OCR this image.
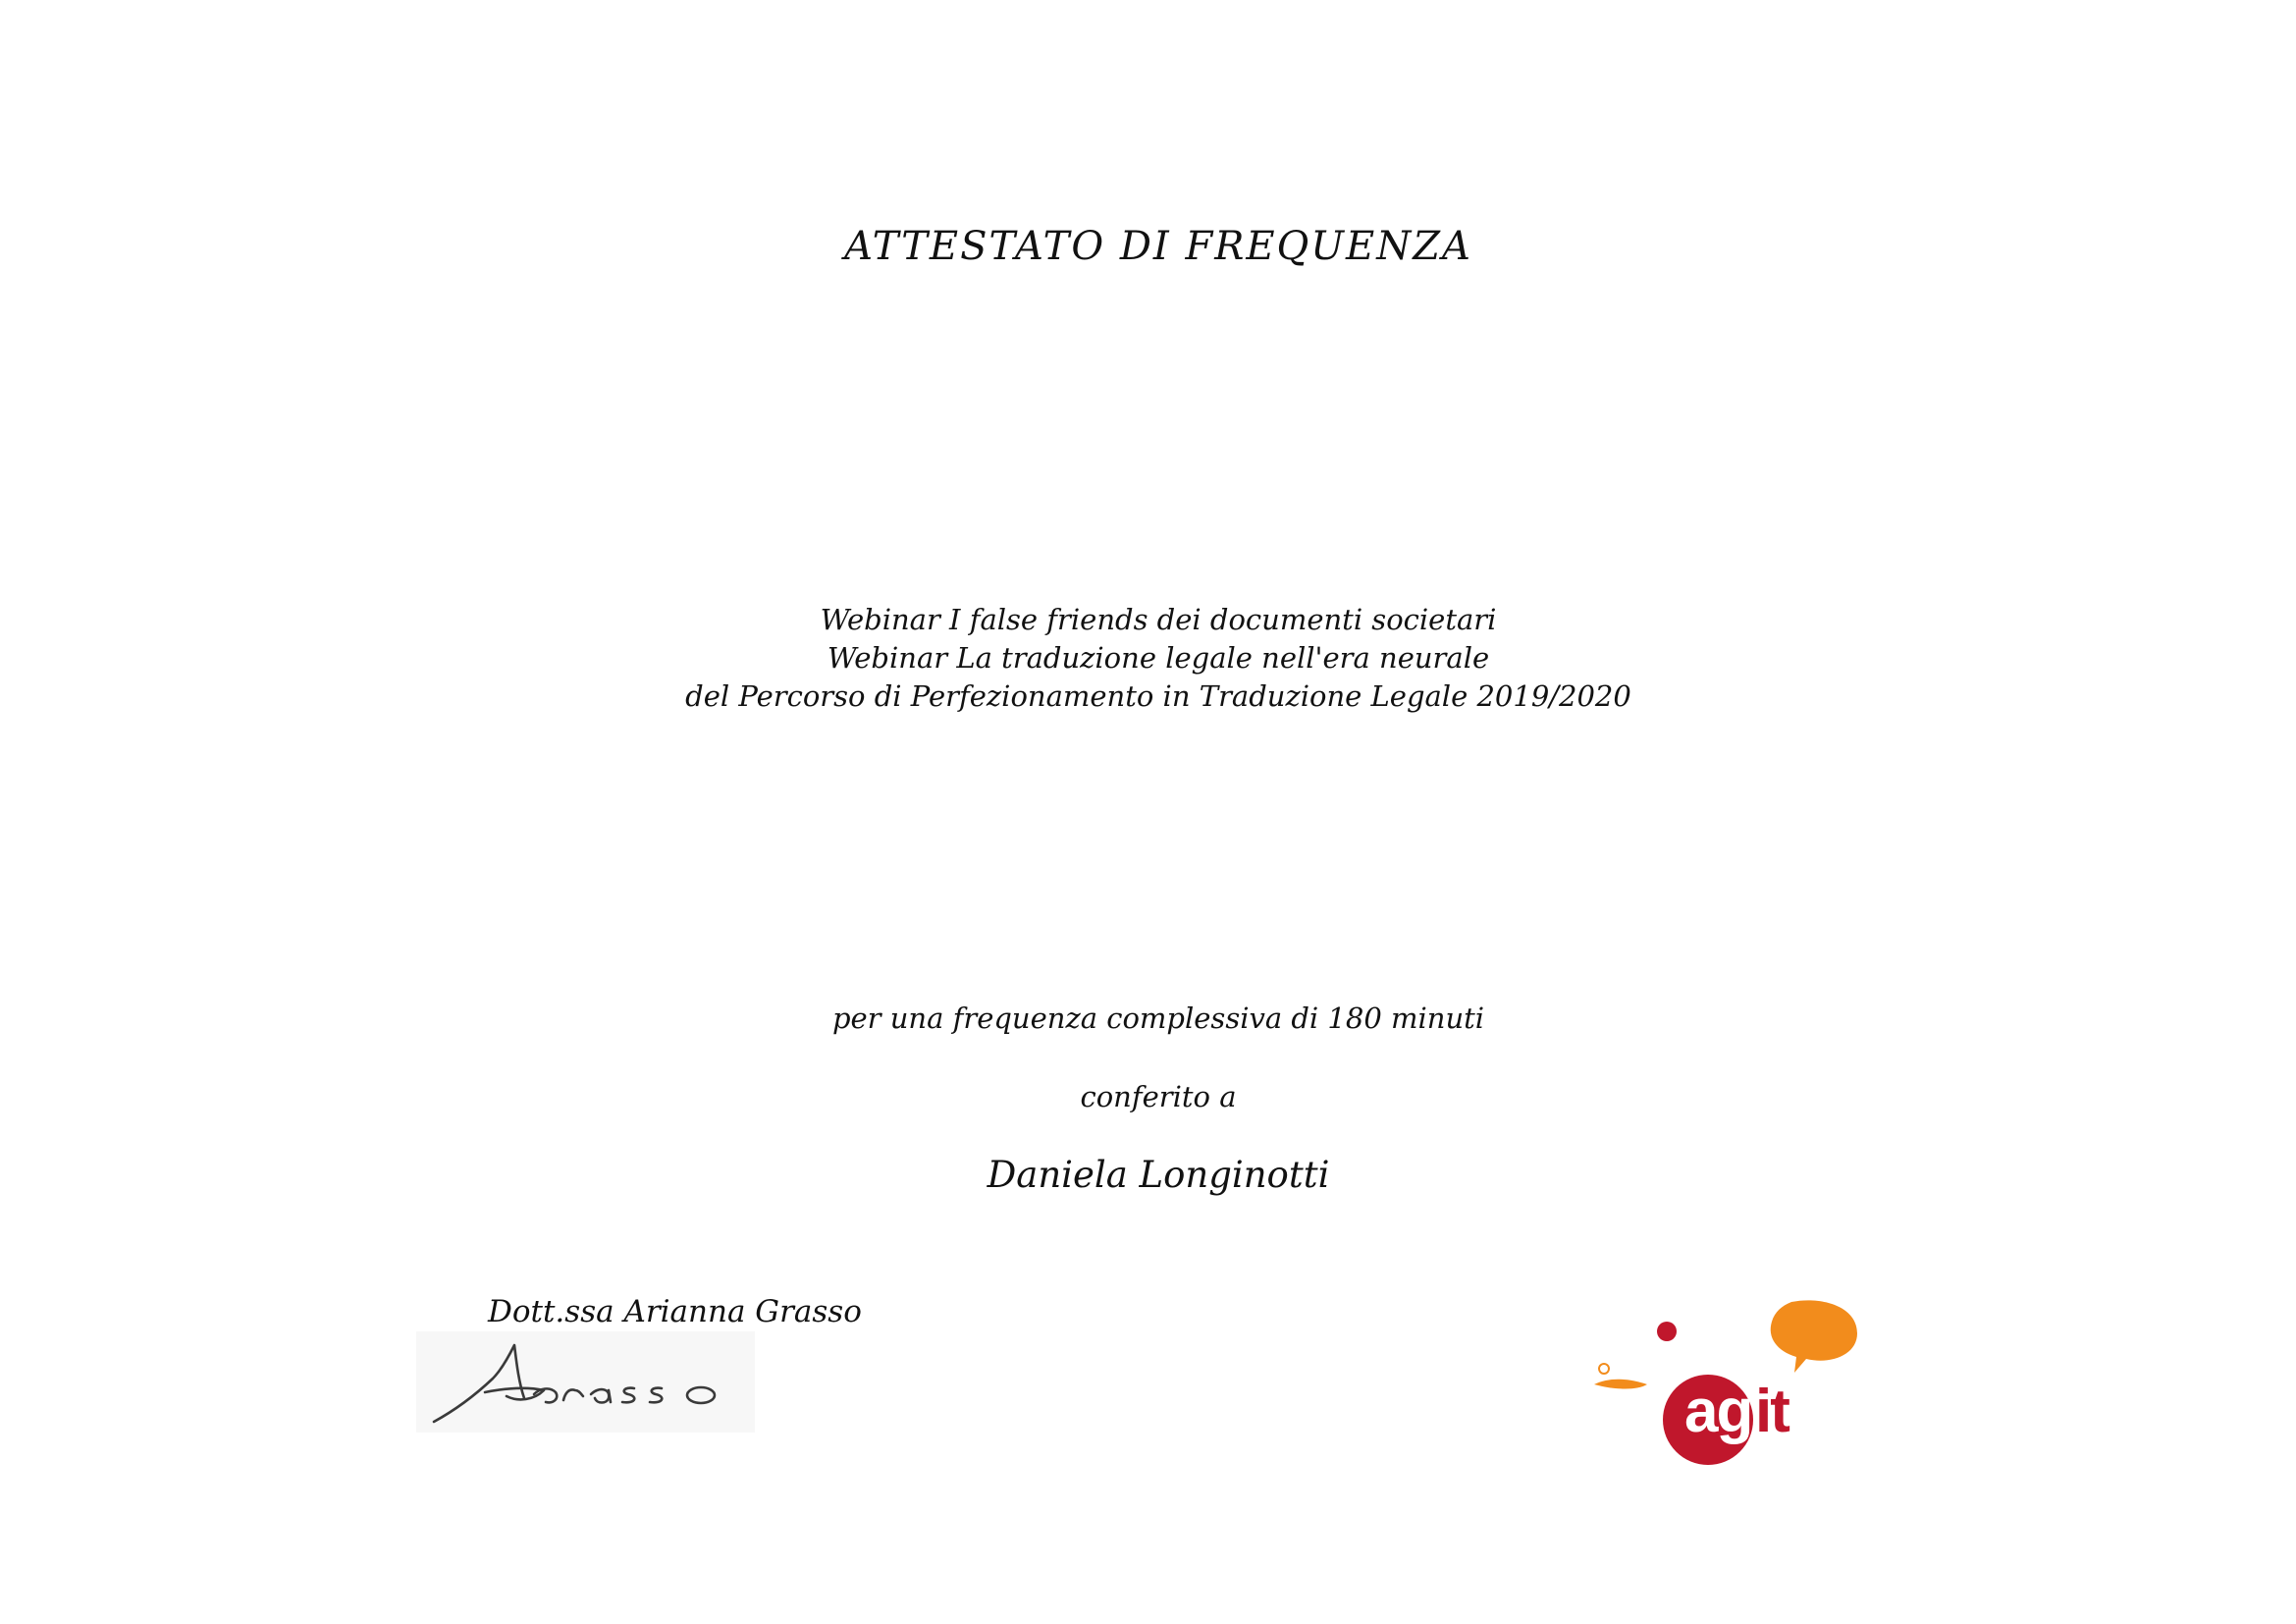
ATTESTATO DI FREQUENZA
Webinar I false friends dei documenti societari
Webinar La traduzione legale nell'era neurale
del Percorso di Perfezionamento in Traduzione Legale 2019/2020
per una frequenza complessiva di 180 minuti
conferito a
Daniela Longinotti
Dott.ssa Arianna Grasso
ag it
